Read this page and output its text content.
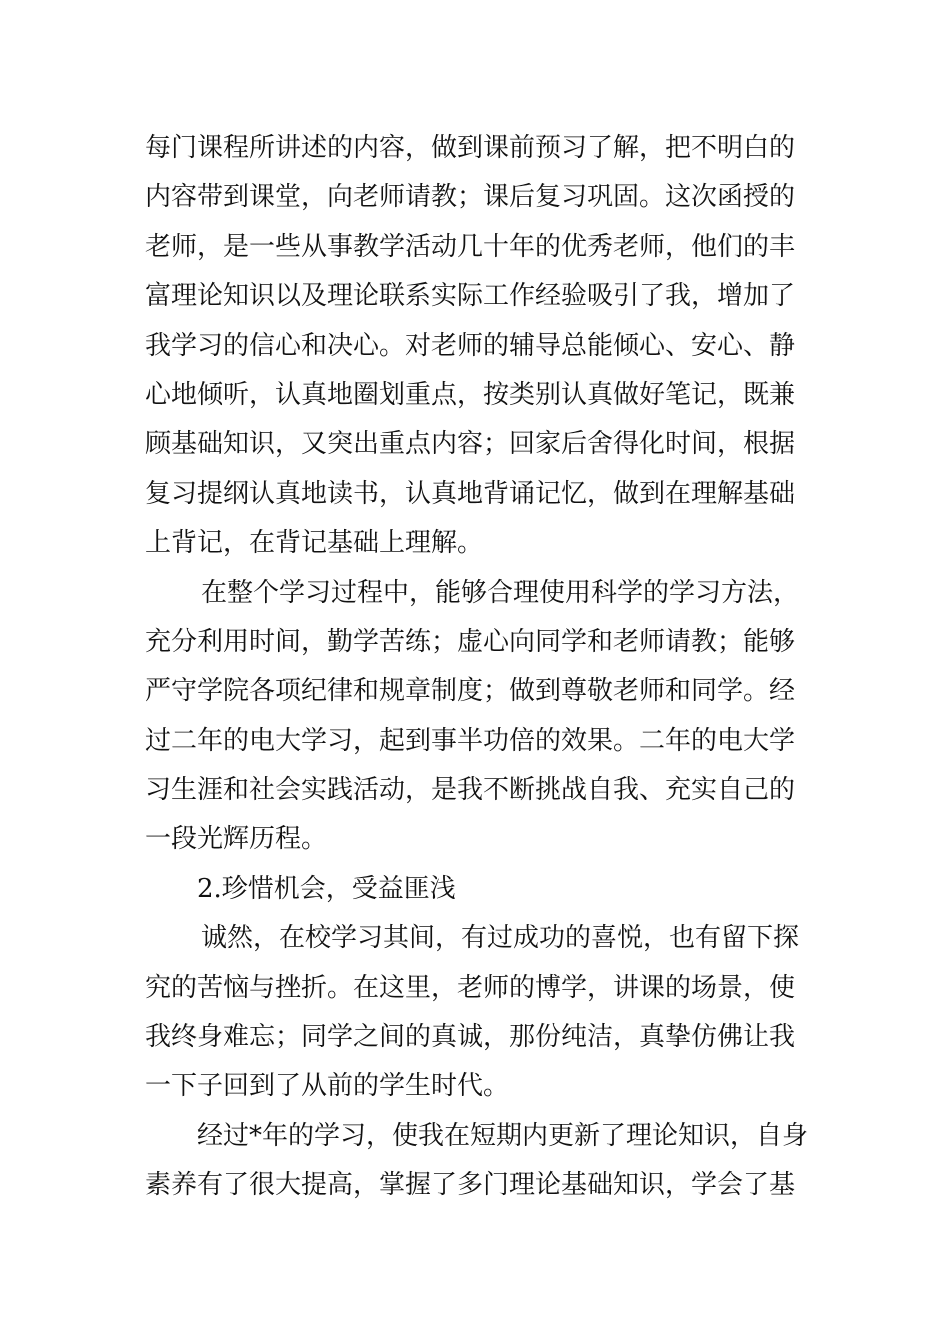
每门课程所讲述的内容，做到课前预习了解，把不明白的
内容带到课堂，向老师请教；课后复习巩固。这次函授的
老师，是一些从事教学活动几十年的优秀老师，他们的丰
富理论知识以及理论联系实际工作经验吸引了我，增加了
我学习的信心和决心。对老师的辅导总能倾心、安心、静
心地倾听，认真地圈划重点，按类别认真做好笔记，既兼
顾基础知识，又突出重点内容；回家后舍得化时间，根据
复习提纲认真地读书，认真地背诵记忆，做到在理解基础
上背记，在背记基础上理解。
在整个学习过程中，能够合理使用科学的学习方法，
充分利用时间，勤学苦练；虚心向同学和老师请教；能够
严守学院各项纪律和规章制度；做到尊敬老师和同学。经
过二年的电大学习，起到事半功倍的效果。二年的电大学
习生涯和社会实践活动，是我不断挑战自我、充实自己的
一段光辉历程。
2.珍惜机会，受益匪浅
诚然，在校学习其间，有过成功的喜悦，也有留下探
究的苦恼与挫折。在这里，老师的博学，讲课的场景，使
我终身难忘；同学之间的真诚，那份纯洁，真挚仿佛让我
一下子回到了从前的学生时代。
经过*年的学习，使我在短期内更新了理论知识，自身
素养有了很大提高，掌握了多门理论基础知识，学会了基
